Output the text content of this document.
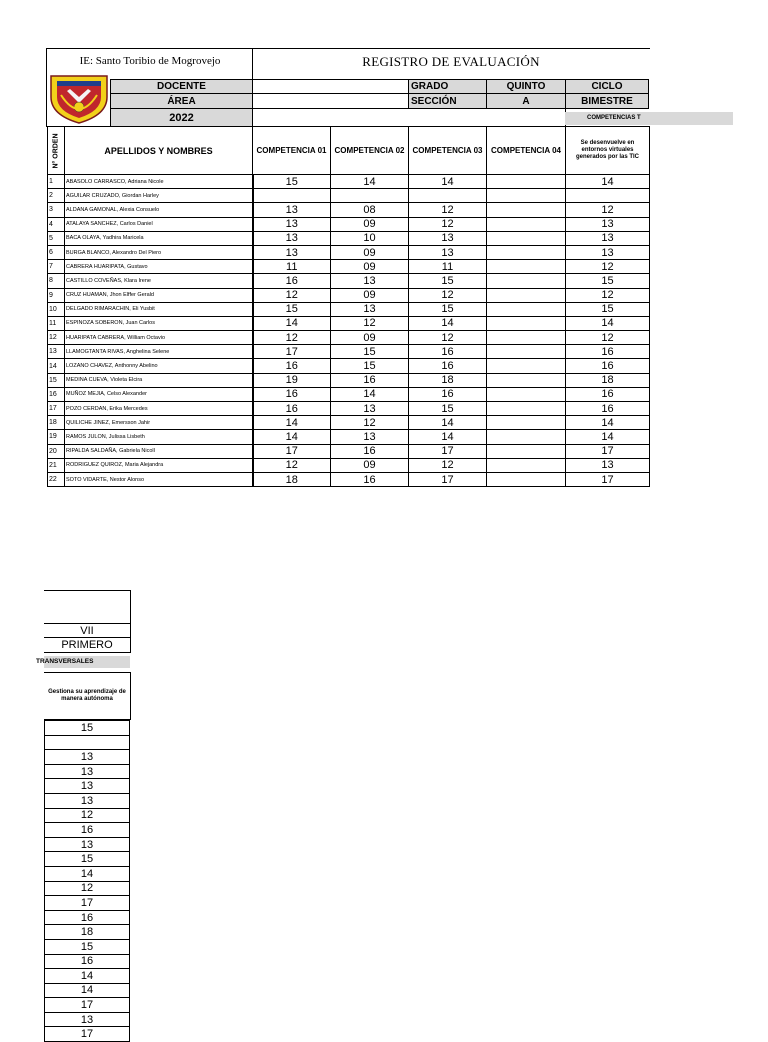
IE: Santo Toribio de Mogrovejo	REGISTRO DE EVALUACIÓN
DOCENTE	GRADO	QUINTO	CICLO
ÁREA	SECCIÓN	A	BIMESTRE
2022	COMPETENCIAS T
N° ORDEN	APELLIDOS Y NOMBRES	COMPETENCIA 01	COMPETENCIA 02	COMPETENCIA 03	COMPETENCIA 04	Se desenvuelve en entornos virtuales generados por las TIC
1	ABASOLO CARRASCO, Adriana Nicole	15	14	14		14
2	AGUILAR CRUZADO, Giordan Harley					
3	ALDANA GAMONAL, Alexia Consuelo	13	08	12		12
4	ATALAYA SANCHEZ, Carlos Daniel	13	09	12		13
5	BACA OLAYA, Yadhira Maricela	13	10	13		13
6	BURGA BLANCO, Alexandro Del Piero	13	09	13		13
7	CABRERA HUARIPATA, Gustavo	11	09	11		12
8	CASTILLO COVEÑAS, Klara Irene	16	13	15		15
9	CRUZ HUAMAN, Jhon Elffer Gerald	12	09	12		12
10	DELGADO RIMARACHIN, Eli Yusbit	15	13	15		15
11	ESPINOZA SOBERON, Juan Carlos	14	12	14		14
12	HUARIPATA CABRERA, William Octavio	12	09	12		12
13	LLAMOGTANTA RIVAS, Anghelina Selene	17	15	16		16
14	LOZANO CHAVEZ, Anthonny Abelino	16	15	16		16
15	MEDINA CUEVA, Violeta Elcira	19	16	18		18
16	MUÑOZ MEJIA, Celso Alexander	16	14	16		16
17	POZO CERDAN, Erika Mercedes	16	13	15		16
18	QUILICHE JINEZ, Emersson Jahir	14	12	14		14
19	RAMOS JULON, Julissa Lisbeth	14	13	14		14
20	RIPALDA SALDAÑA, Gabriela Nicoll	17	16	17		17
21	RODRIGUEZ QUIROZ, Maria Alejandra	12	09	12		13
22	SOTO VIDARTE, Nestor Alonso	18	16	17		17
VII
PRIMERO
TRANSVERSALES
Gestiona su aprendizaje de manera autónoma
15

13
13
13
13
12
16
13
15
14
12
17
16
18
15
16
14
14
17
13
17
